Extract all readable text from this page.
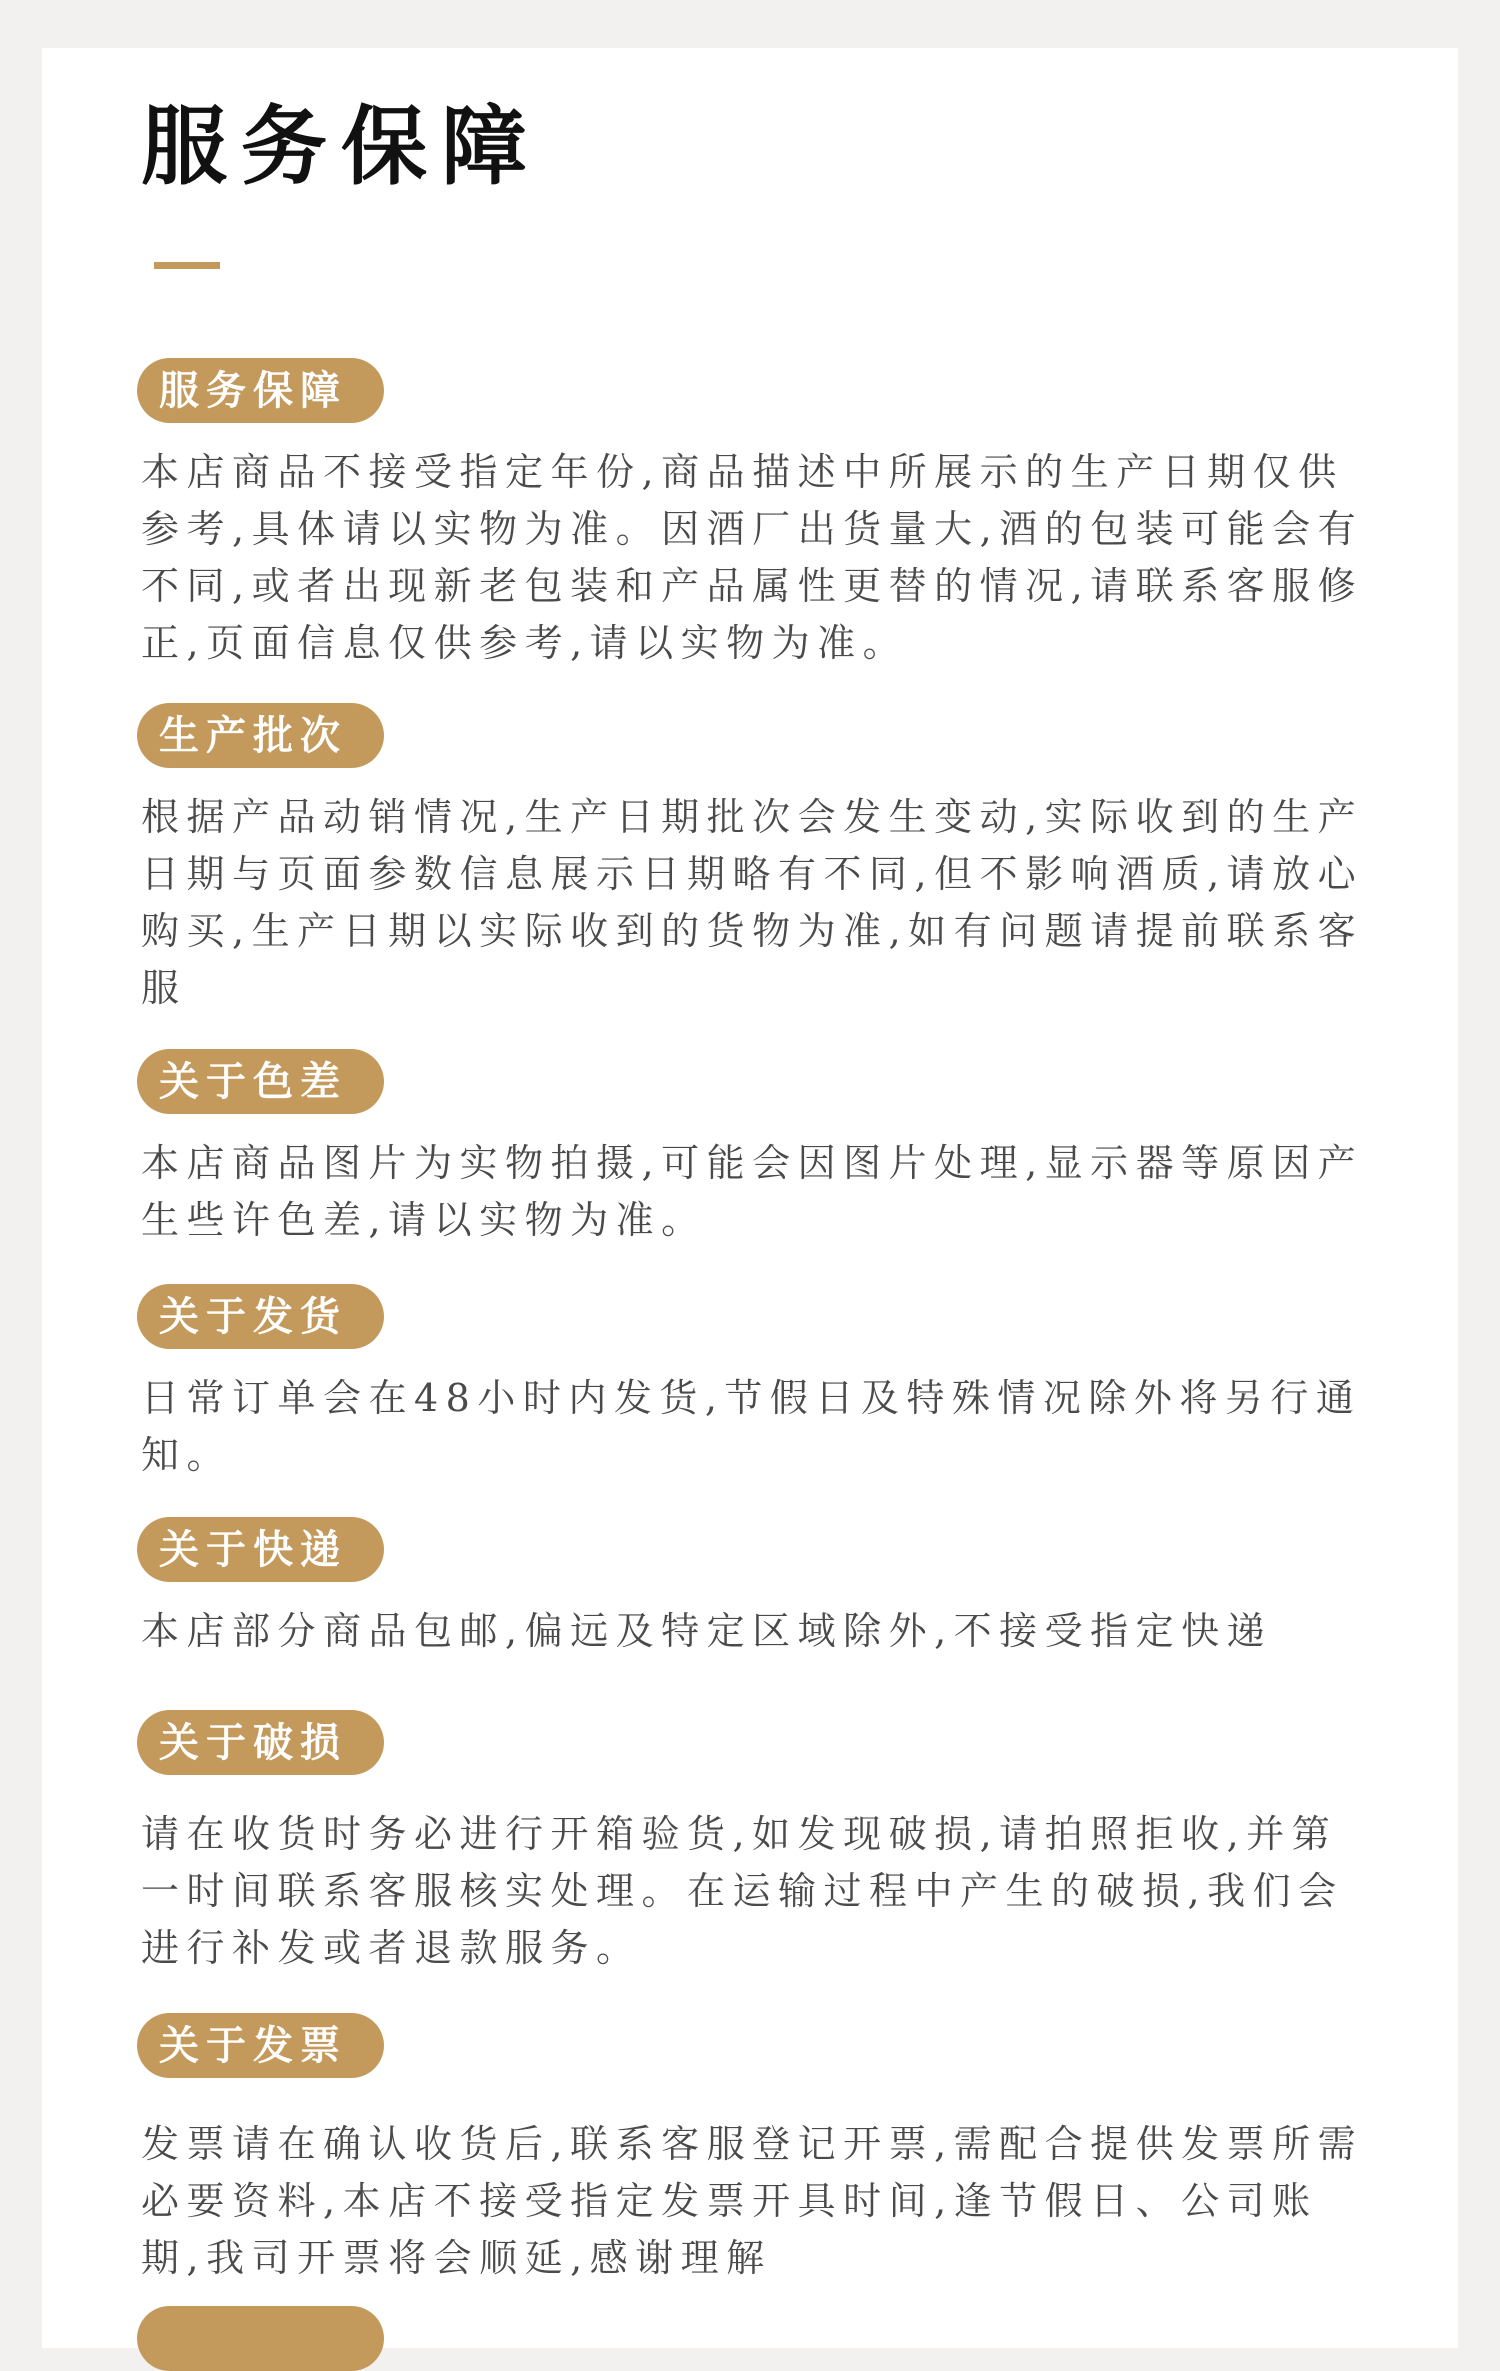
服务保障
服务保障

本店商品不接受指定年份,商品描述中所展示的生产日期仅供参考,具体请以实物为准。因酒厂出货量大,酒的包装可能会有不同,或者出现新老包装和产品属性更替的情况,请联系客服修正,页面信息仅供参考,请以实物为准。

生产批次

根据产品动销情况,生产日期批次会发生变动,实际收到的生产日期与页面参数信息展示日期略有不同,但不影响酒质,请放心购买,生产日期以实际收到的货物为准,如有问题请提前联系客服

关于色差

本店商品图片为实物拍摄,可能会因图片处理,显示器等原因产生些许色差,请以实物为准。

关于发货

日常订单会在48小时内发货,节假日及特殊情况除外将另行通知。

关于快递

本店部分商品包邮,偏远及特定区域除外,不接受指定快递

关于破损

请在收货时务必进行开箱验货,如发现破损,请拍照拒收,并第一时间联系客服核实处理。在运输过程中产生的破损,我们会进行补发或者退款服务。

关于发票

发票请在确认收货后,联系客服登记开票,需配合提供发票所需必要资料,本店不接受指定发票开具时间,逢节假日、公司账期,我司开票将会顺延,感谢理解
